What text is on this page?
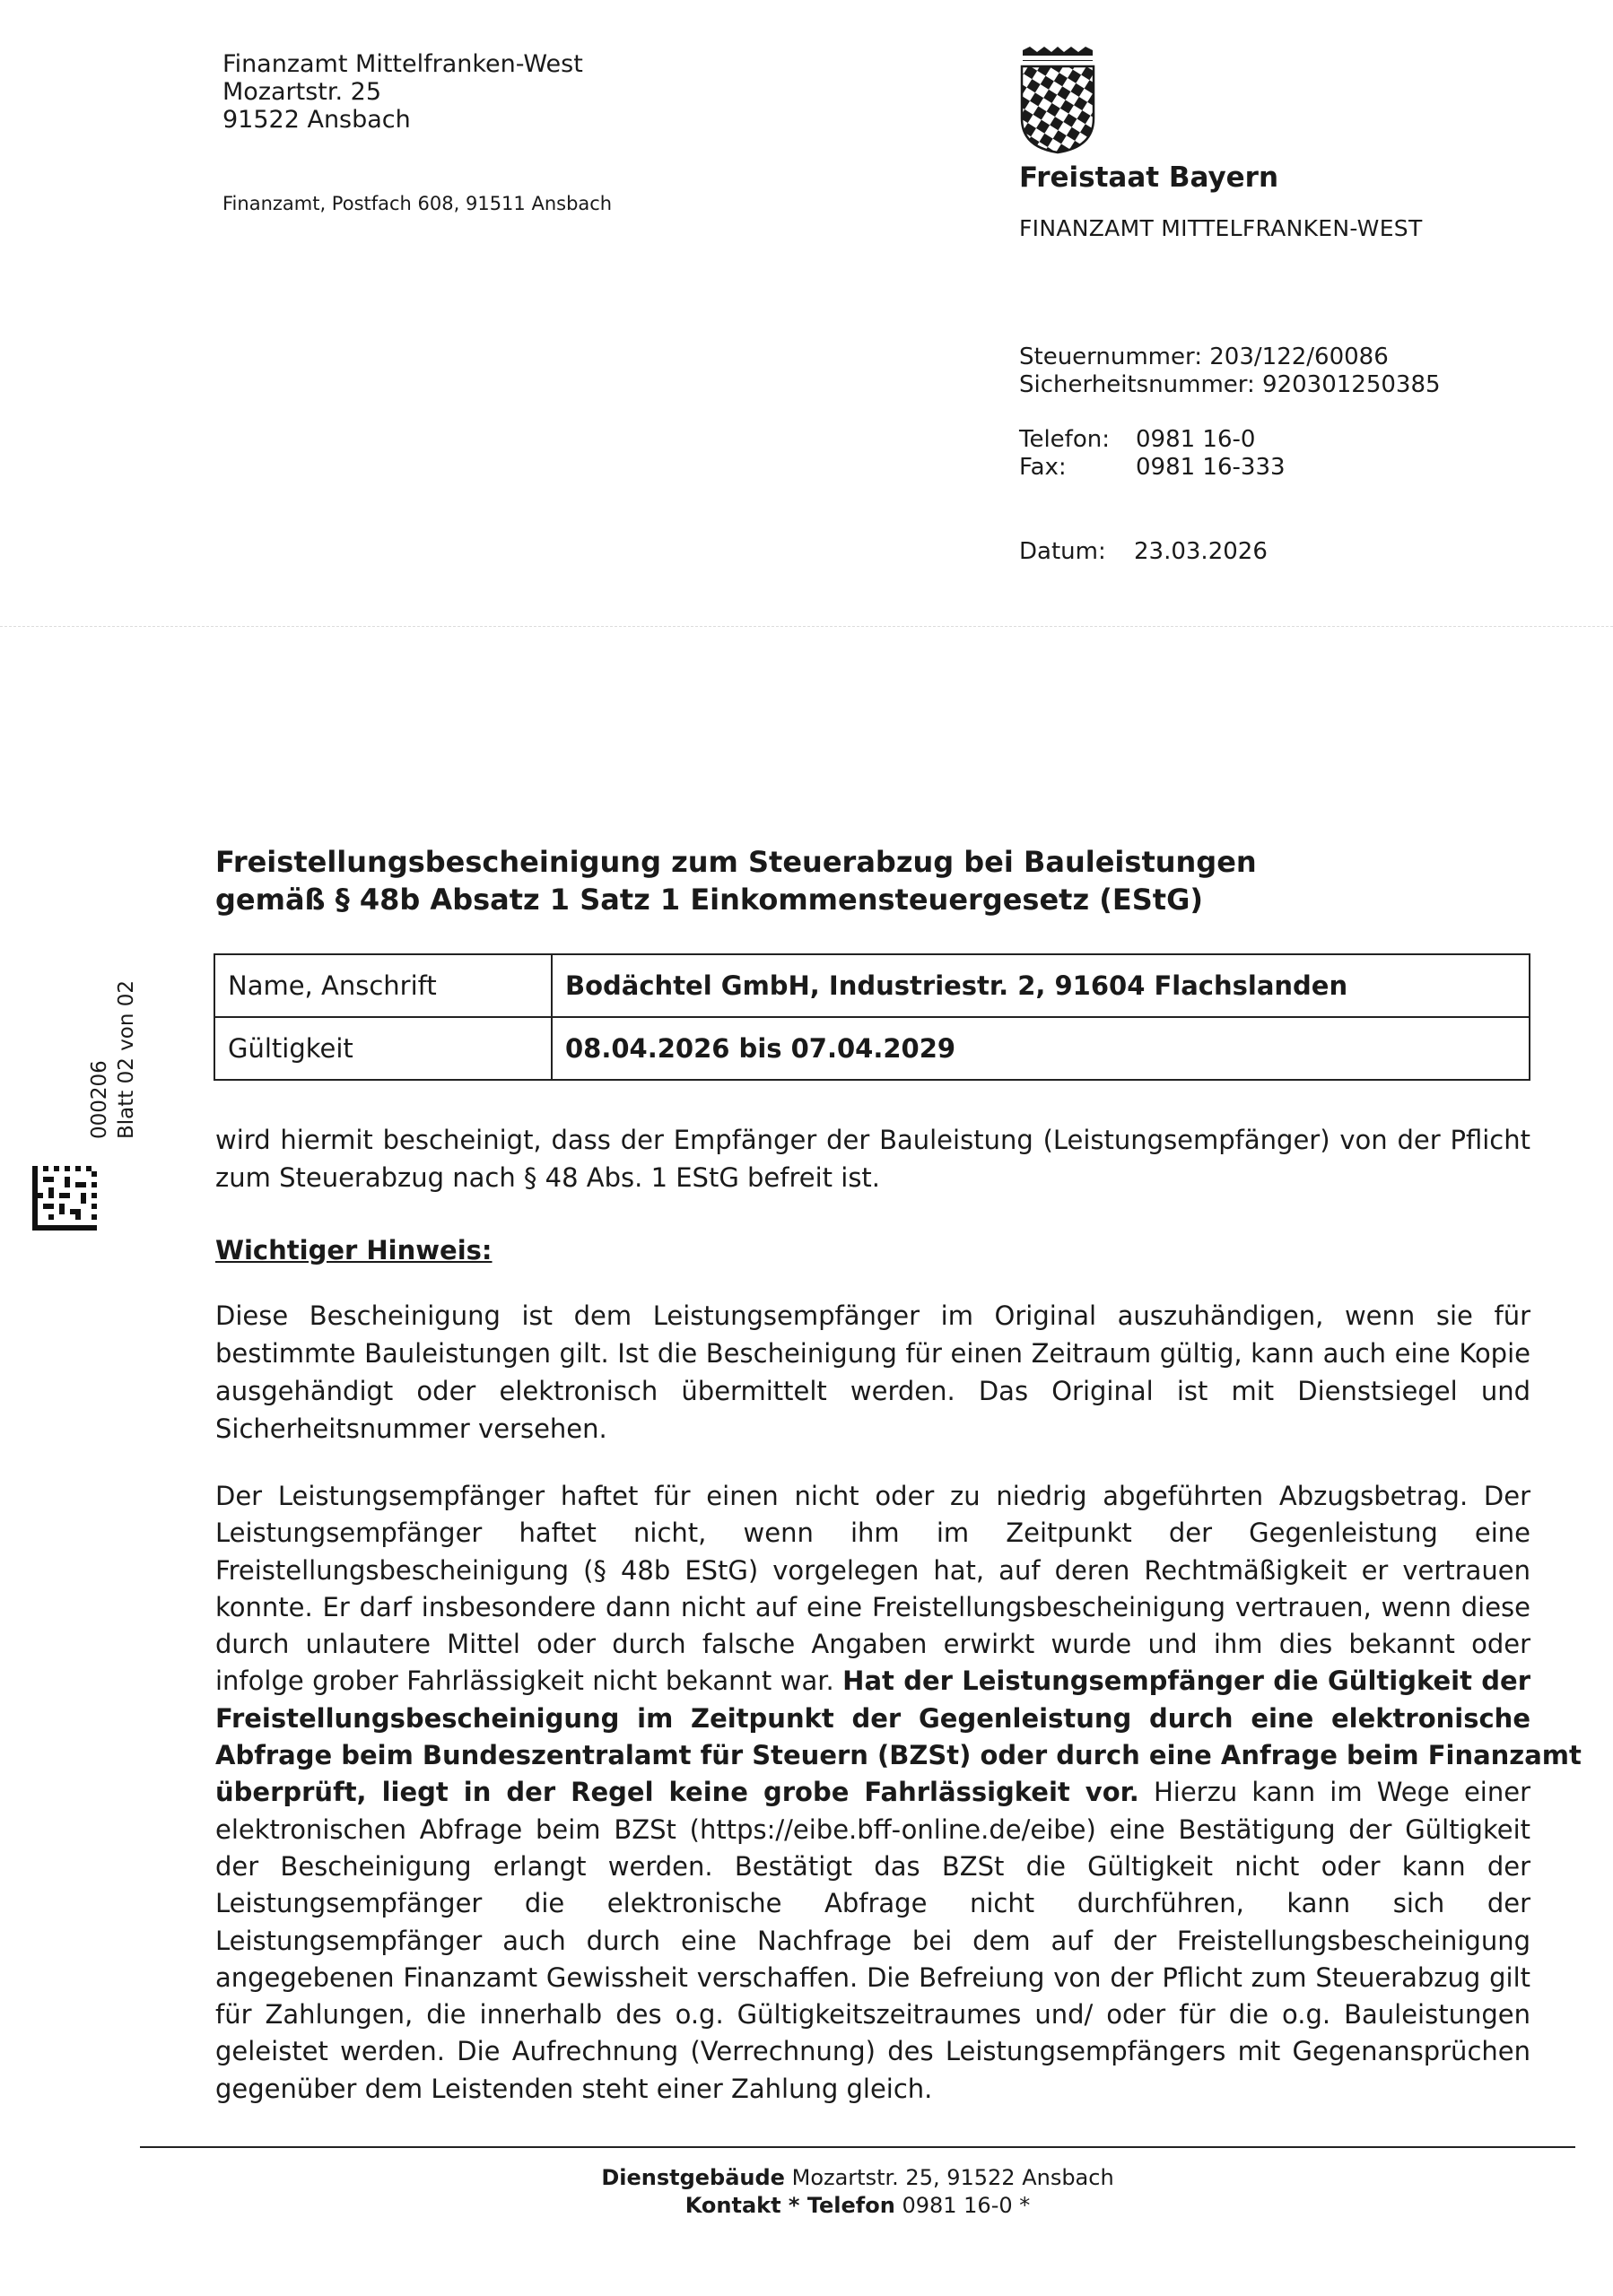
Finanzamt Mittelfranken-West
Mozartstr. 25
91522 Ansbach
Finanzamt, Postfach 608, 91511 Ansbach
Freistaat Bayern
FINANZAMT MITTELFRANKEN-WEST
Steuernummer: 203/122/60086
Sicherheitsnummer: 920301250385
Telefon: 0981 16-0
Fax:	0981 16-333
Datum: 23.03.2026
000206 Blatt 02 von 02
Freistellungsbescheinigung zum Steuerabzug bei Bauleistungen
gemäß § 48b Absatz 1 Satz 1 Einkommensteuergesetz (EStG)
Name, Anschrift	Bodächtel GmbH, Industriestr. 2, 91604 Flachslanden
Gültigkeit	08.04.2026 bis 07.04.2029
wird hiermit bescheinigt, dass der Empfänger der Bauleistung (Leistungsempfänger) von der Pflicht
zum Steuerabzug nach § 48 Abs. 1 EStG befreit ist.
Wichtiger Hinweis:
Diese Bescheinigung ist dem Leistungsempfänger im Original auszuhändigen, wenn sie für
bestimmte Bauleistungen gilt. Ist die Bescheinigung für einen Zeitraum gültig, kann auch eine Kopie
ausgehändigt oder elektronisch übermittelt werden. Das Original ist mit Dienstsiegel und
Sicherheitsnummer versehen.
Der Leistungsempfänger haftet für einen nicht oder zu niedrig abgeführten Abzugsbetrag. Der
Leistungsempfänger haftet nicht, wenn ihm im Zeitpunkt der Gegenleistung eine
Freistellungsbescheinigung (§ 48b EStG) vorgelegen hat, auf deren Rechtmäßigkeit er vertrauen
konnte. Er darf insbesondere dann nicht auf eine Freistellungsbescheinigung vertrauen, wenn diese
durch unlautere Mittel oder durch falsche Angaben erwirkt wurde und ihm dies bekannt oder
infolge grober Fahrlässigkeit nicht bekannt war. Hat der Leistungsempfänger die Gültigkeit der
Freistellungsbescheinigung im Zeitpunkt der Gegenleistung durch eine elektronische
Abfrage beim Bundeszentralamt für Steuern (BZSt) oder durch eine Anfrage beim Finanzamt
überprüft, liegt in der Regel keine grobe Fahrlässigkeit vor. Hierzu kann im Wege einer
elektronischen Abfrage beim BZSt (https://eibe.bff-online.de/eibe) eine Bestätigung der Gültigkeit
der Bescheinigung erlangt werden. Bestätigt das BZSt die Gültigkeit nicht oder kann der
Leistungsempfänger die elektronische Abfrage nicht durchführen, kann sich der
Leistungsempfänger auch durch eine Nachfrage bei dem auf der Freistellungsbescheinigung
angegebenen Finanzamt Gewissheit verschaffen. Die Befreiung von der Pflicht zum Steuerabzug gilt
für Zahlungen, die innerhalb des o.g. Gültigkeitszeitraumes und/ oder für die o.g. Bauleistungen
geleistet werden. Die Aufrechnung (Verrechnung) des Leistungsempfängers mit Gegenansprüchen
gegenüber dem Leistenden steht einer Zahlung gleich.
Dienstgebäude Mozartstr. 25, 91522 Ansbach
Kontakt * Telefon 0981 16-0 *
